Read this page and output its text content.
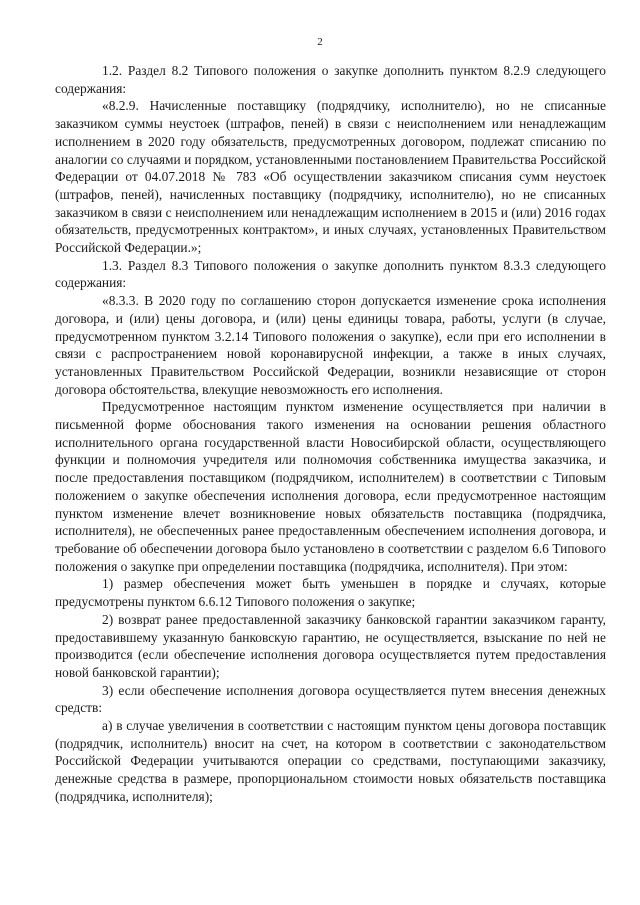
2

1.2. Раздел 8.2 Типового положения о закупке дополнить пунктом 8.2.9 следующего содержания:

«8.2.9. Начисленные поставщику (подрядчику, исполнителю), но не списанные заказчиком суммы неустоек (штрафов, пеней) в связи с неисполнением или ненадлежащим исполнением в 2020 году обязательств, предусмотренных договором, подлежат списанию по аналогии со случаями и порядком, установленными постановлением Правительства Российской Федерации от 04.07.2018 № 783 «Об осуществлении заказчиком списания сумм неустоек (штрафов, пеней), начисленных поставщику (подрядчику, исполнителю), но не списанных заказчиком в связи с неисполнением или ненадлежащим исполнением в 2015 и (или) 2016 годах обязательств, предусмотренных контрактом», и иных случаях, установленных Правительством Российской Федерации.»;

1.3. Раздел 8.3 Типового положения о закупке дополнить пунктом 8.3.3 следующего содержания:

«8.3.3. В 2020 году по соглашению сторон допускается изменение срока исполнения договора, и (или) цены договора, и (или) цены единицы товара, работы, услуги (в случае, предусмотренном пунктом 3.2.14 Типового положения о закупке), если при его исполнении в связи с распространением новой коронавирусной инфекции, а также в иных случаях, установленных Правительством Российской Федерации, возникли независящие от сторон договора обстоятельства, влекущие невозможность его исполнения.

Предусмотренное настоящим пунктом изменение осуществляется при наличии в письменной форме обоснования такого изменения на основании решения областного исполнительного органа государственной власти Новосибирской области, осуществляющего функции и полномочия учредителя или полномочия собственника имущества заказчика, и после предоставления поставщиком (подрядчиком, исполнителем) в соответствии с Типовым положением о закупке обеспечения исполнения договора, если предусмотренное настоящим пунктом изменение влечет возникновение новых обязательств поставщика (подрядчика, исполнителя), не обеспеченных ранее предоставленным обеспечением исполнения договора, и требование об обеспечении договора было установлено в соответствии с разделом 6.6 Типового положения о закупке при определении поставщика (подрядчика, исполнителя). При этом:

1) размер обеспечения может быть уменьшен в порядке и случаях, которые предусмотрены пунктом 6.6.12 Типового положения о закупке;

2) возврат ранее предоставленной заказчику банковской гарантии заказчиком гаранту, предоставившему указанную банковскую гарантию, не осуществляется, взыскание по ней не производится (если обеспечение исполнения договора осуществляется путем предоставления новой банковской гарантии);

3) если обеспечение исполнения договора осуществляется путем внесения денежных средств:

а) в случае увеличения в соответствии с настоящим пунктом цены договора поставщик (подрядчик, исполнитель) вносит на счет, на котором в соответствии с законодательством Российской Федерации учитываются операции со средствами, поступающими заказчику, денежные средства в размере, пропорциональном стоимости новых обязательств поставщика (подрядчика, исполнителя);
